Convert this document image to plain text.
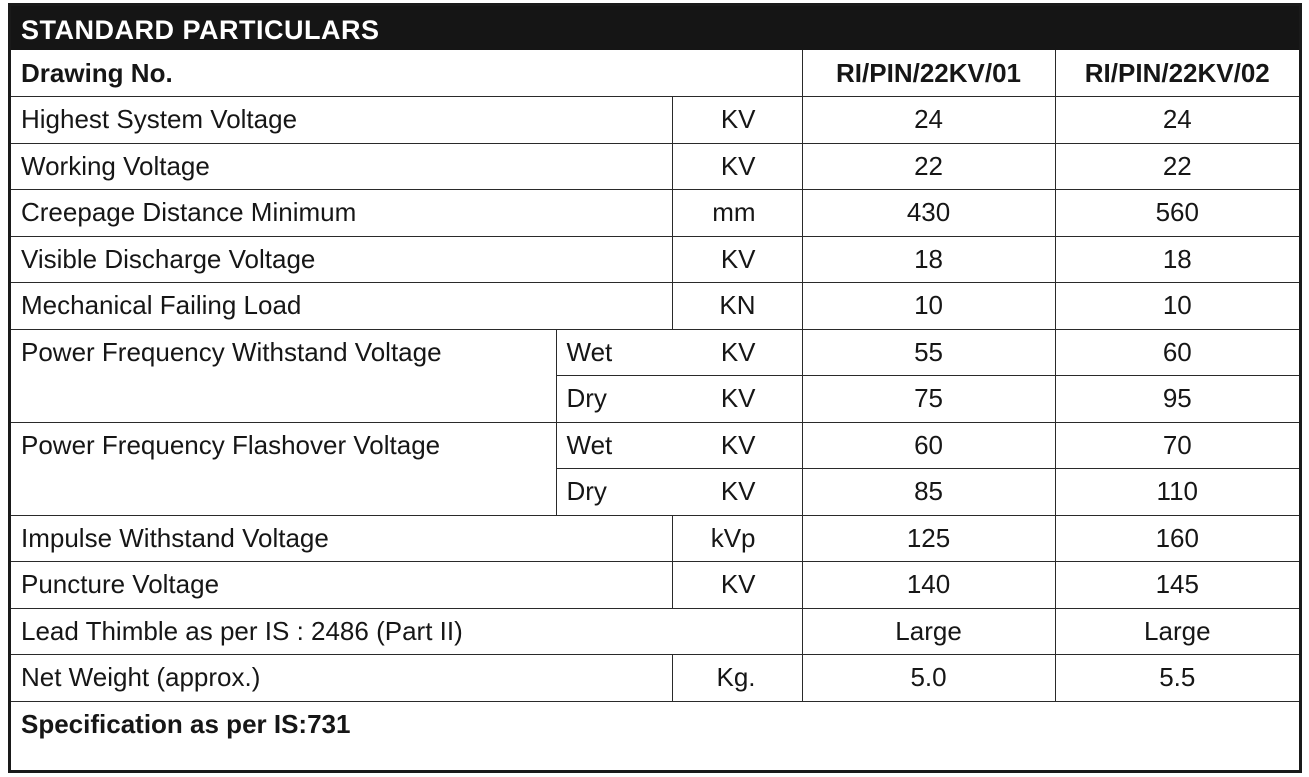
STANDARD PARTICULARS
Drawing No.			RI/PIN/22KV/01	RI/PIN/22KV/02
Highest System Voltage		KV	24	24
Working Voltage		KV	22	22
Creepage Distance Minimum		mm	430	560
Visible Discharge Voltage		KV	18	18
Mechanical Failing Load		KN	10	10
Power Frequency Withstand Voltage	Wet	KV	55	60
	Dry	KV	75	95
Power Frequency Flashover Voltage	Wet	KV	60	70
	Dry	KV	85	110
Impulse Withstand Voltage		kVp	125	160
Puncture Voltage		KV	140	145
Lead Thimble as per IS : 2486 (Part II)			Large	Large
Net Weight (approx.)		Kg.	5.0	5.5
Specification as per IS:731				
